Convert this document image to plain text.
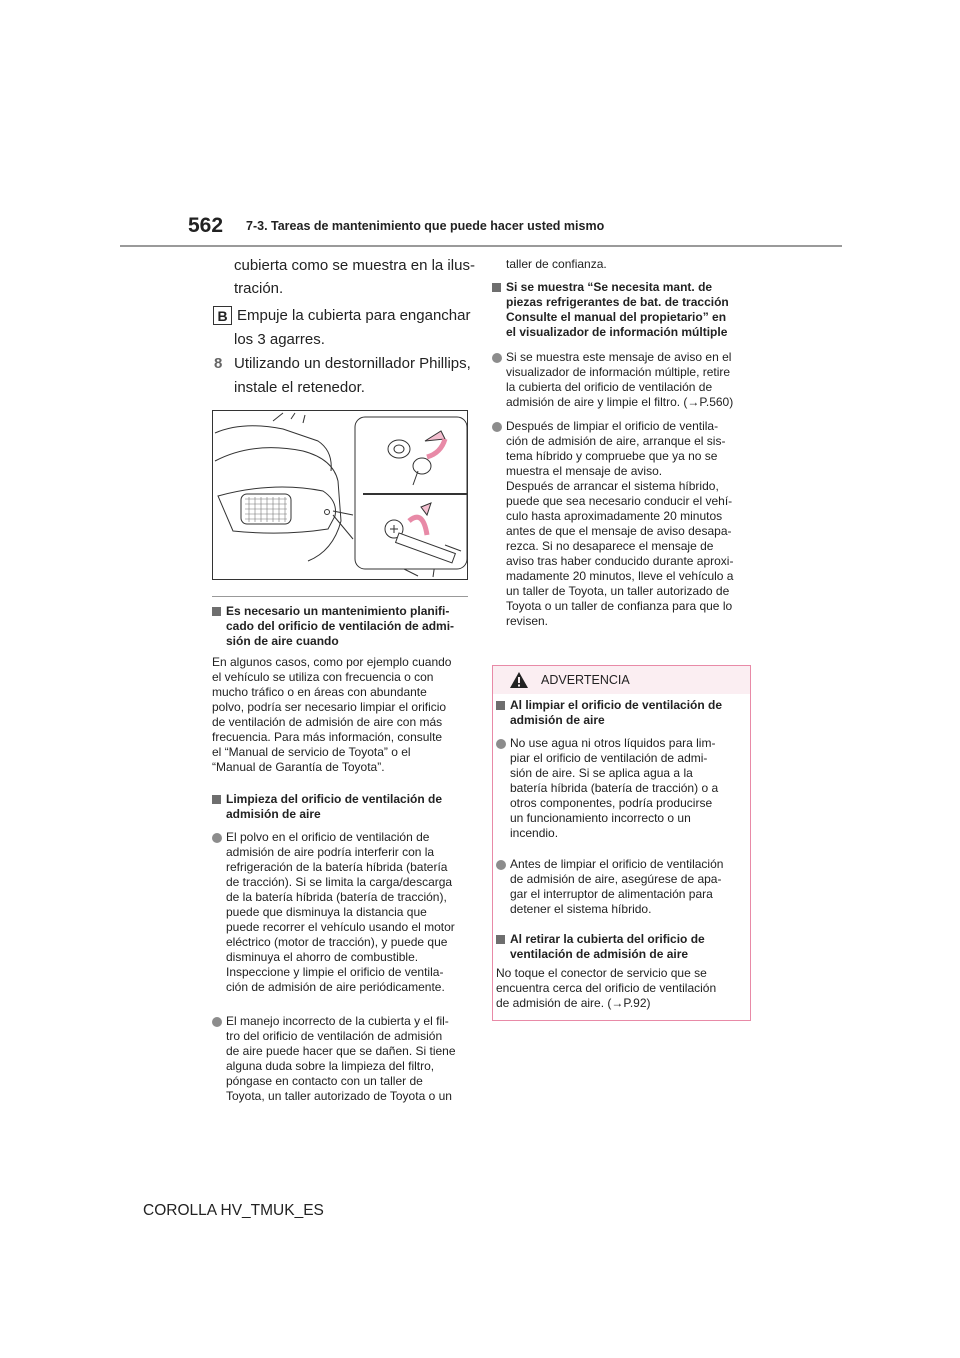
562 7-3. Tareas de mantenimiento que puede hacer usted mismo
cubierta como se muestra en la ilus-
tración.
B Empuje la cubierta para enganchar
los 3 agarres.
8 Utilizando un destornillador Phillips,
instale el retenedor.
Es necesario un mantenimiento planifi-
cado del orificio de ventilación de admi-
sión de aire cuando
En algunos casos, como por ejemplo cuando
el vehículo se utiliza con frecuencia o con
mucho tráfico o en áreas con abundante
polvo, podría ser necesario limpiar el orificio
de ventilación de admisión de aire con más
frecuencia. Para más información, consulte
el “Manual de servicio de Toyota” o el
“Manual de Garantía de Toyota”.
Limpieza del orificio de ventilación de
admisión de aire
El polvo en el orificio de ventilación de
admisión de aire podría interferir con la
refrigeración de la batería híbrida (batería
de tracción). Si se limita la carga/descarga
de la batería híbrida (batería de tracción),
puede que disminuya la distancia que
puede recorrer el vehículo usando el motor
eléctrico (motor de tracción), y puede que
disminuya el ahorro de combustible.
Inspeccione y limpie el orificio de ventila-
ción de admisión de aire periódicamente.
El manejo incorrecto de la cubierta y el fil-
tro del orificio de ventilación de admisión
de aire puede hacer que se dañen. Si tiene
alguna duda sobre la limpieza del filtro,
póngase en contacto con un taller de
Toyota, un taller autorizado de Toyota o un
taller de confianza.
Si se muestra “Se necesita mant. de
piezas refrigerantes de bat. de tracción
Consulte el manual del propietario” en
el visualizador de información múltiple
Si se muestra este mensaje de aviso en el
visualizador de información múltiple, retire
la cubierta del orificio de ventilación de
admisión de aire y limpie el filtro. (→P.560)
Después de limpiar el orificio de ventila-
ción de admisión de aire, arranque el sis-
tema híbrido y compruebe que ya no se
muestra el mensaje de aviso.
Después de arrancar el sistema híbrido,
puede que sea necesario conducir el vehí-
culo hasta aproximadamente 20 minutos
antes de que el mensaje de aviso desapa-
rezca. Si no desaparece el mensaje de
aviso tras haber conducido durante aproxi-
madamente 20 minutos, lleve el vehículo a
un taller de Toyota, un taller autorizado de
Toyota o un taller de confianza para que lo
revisen.
ADVERTENCIA
Al limpiar el orificio de ventilación de
admisión de aire
No use agua ni otros líquidos para lim-
piar el orificio de ventilación de admi-
sión de aire. Si se aplica agua a la
batería híbrida (batería de tracción) o a
otros componentes, podría producirse
un funcionamiento incorrecto o un
incendio.
Antes de limpiar el orificio de ventilación
de admisión de aire, asegúrese de apa-
gar el interruptor de alimentación para
detener el sistema híbrido.
Al retirar la cubierta del orificio de
ventilación de admisión de aire
No toque el conector de servicio que se
encuentra cerca del orificio de ventilación
de admisión de aire. (→P.92)
COROLLA HV_TMUK_ES
